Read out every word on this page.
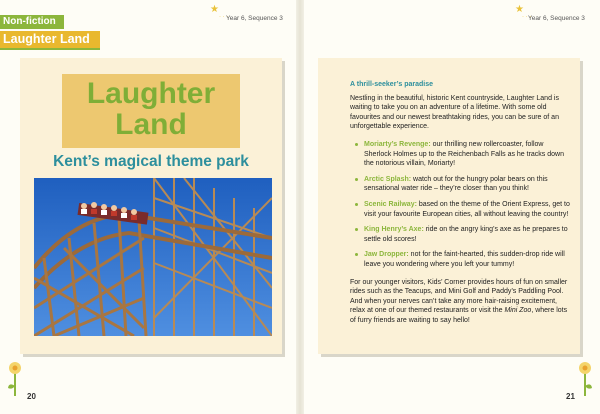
Non-fiction
Laughter Land
★
· · ·
Year 6, Sequence 3
★
· · ·
Year 6, Sequence 3
Laughter
Land
Kent’s magical theme park
20
A thrill-seeker’s paradise

Nestling in the beautiful, historic Kent countryside, Laughter Land is waiting to take you on an adventure of a lifetime. With some old favourites and our newest breathtaking rides, you can be sure of an unforgettable experience.

Moriarty’s Revenge: our thrilling new rollercoaster, follow Sherlock Holmes up to the Reichenbach Falls as he tracks down the notorious villain, Moriarty!
Arctic Splash: watch out for the hungry polar bears on this sensational water ride – they’re closer than you think!
Scenic Railway: based on the theme of the Orient Express, get to visit your favourite European cities, all without leaving the country!
King Henry’s Axe: ride on the angry king’s axe as he prepares to settle old scores!
Jaw Dropper: not for the faint-hearted, this sudden-drop ride will leave you wondering where you left your tummy!

For our younger visitors, Kids’ Corner provides hours of fun on smaller rides such as the Teacups, and Mini Golf and Paddy’s Paddling Pool. And when your nerves can’t take any more hair-raising excitement, relax at one of our themed restaurants or visit the Mini Zoo, where lots of furry friends are waiting to say hello!

21
